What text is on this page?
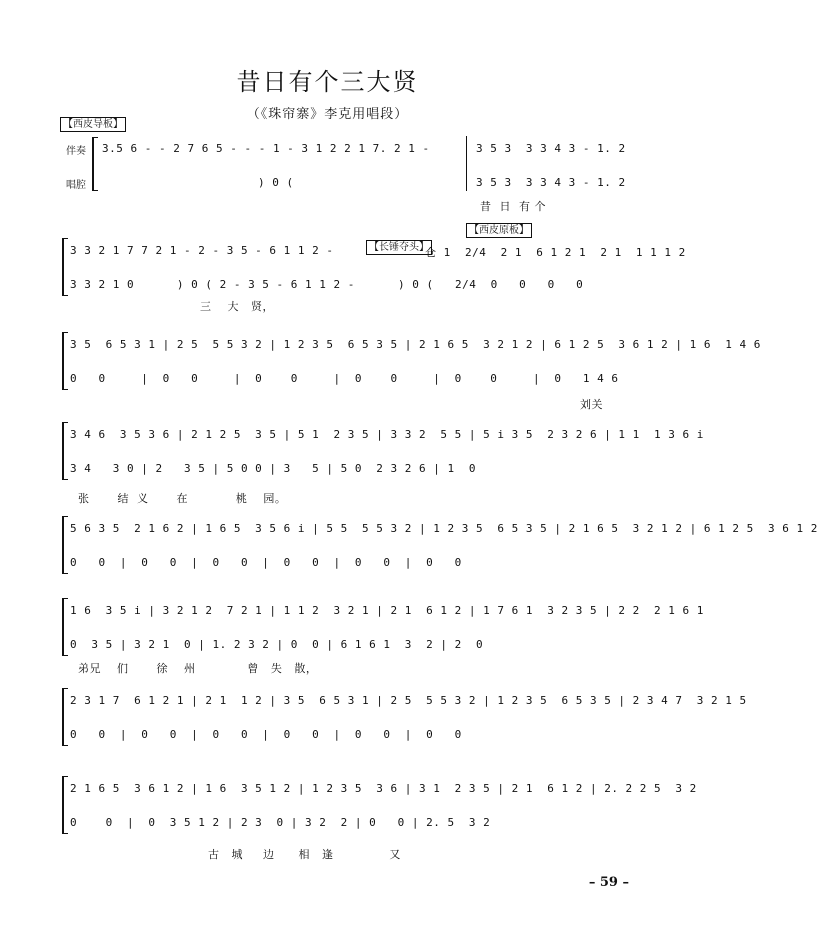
昔日有个三大贤
（《珠帘寨》李克用唱段）
【西皮导板】
伴奏
唱腔
3.5 6 - - 2 7 6 5 - - - 1 - 3 1 2 2 1 7. 2 1 -
) 0 (
3 5 3  3 3 4 3 - 1. 2
3 5 3  3 3 4 3 - 1. 2
昔  日  有 个
【西皮原板】
3 3 2 1 7 7 2 1 - 2 - 3 5 - 6 1 1 2 -
3 3 2 1 0      ) 0 ( 2 - 3 5 - 6 1 1 2 -
【长锤夺头】
仓 1  2/4  2 1  6 1 2 1  2 1  1 1 1 2
) 0 (   2/4  0   0   0   0
三    大   贤，
3 5  6 5 3 1 | 2 5  5 5 3 2 | 1 2 3 5  6 5 3 5 | 2 1 6 5  3 2 1 2 | 6 1 2 5  3 6 1 2 | 1 6  1 4 6
0   0     |  0   0     |  0    0     |  0    0     |  0    0     |  0   1 4 6
刘关
3 4 6  3 5 3 6 | 2 1 2 5  3 5 | 5 1  2 3 5 | 3 3 2  5 5 | 5 i 3 5  2 3 2 6 | 1 1  1 3 6 i
3 4   3 0 | 2   3 5 | 5 0 0 | 3   5 | 5 0  2 3 2 6 | 1  0
张       结  义       在            桃    园。
5 6 3 5  2 1 6 2 | 1 6 5  3 5 6 i | 5 5  5 5 3 2 | 1 2 3 5  6 5 3 5 | 2 1 6 5  3 2 1 2 | 6 1 2 5  3 6 1 2
0   0  |  0   0  |  0   0  |  0   0  |  0   0  |  0   0
1 6  3 5 i | 3 2 1 2  7 2 1 | 1 1 2  3 2 1 | 2 1  6 1 2 | 1 7 6 1  3 2 3 5 | 2 2  2 1 6 1
0  3 5 | 3 2 1  0 | 1. 2 3 2 | 0  0 | 6 1 6 1  3  2 | 2  0
弟兄    们       徐    州             曾   失   散，
2 3 1 7  6 1 2 1 | 2 1  1 2 | 3 5  6 5 3 1 | 2 5  5 5 3 2 | 1 2 3 5  6 5 3 5 | 2 3 4 7  3 2 1 5
0   0  |  0   0  |  0   0  |  0   0  |  0   0  |  0   0
2 1 6 5  3 6 1 2 | 1 6  3 5 1 2 | 1 2 3 5  3 6 | 3 1  2 3 5 | 2 1  6 1 2 | 2. 2 2 5  3 2
0    0  |  0  3 5 1 2 | 2 3  0 | 3 2  2 | 0   0 | 2. 5  3 2
古   城     边      相   逢              又
– 59 –
